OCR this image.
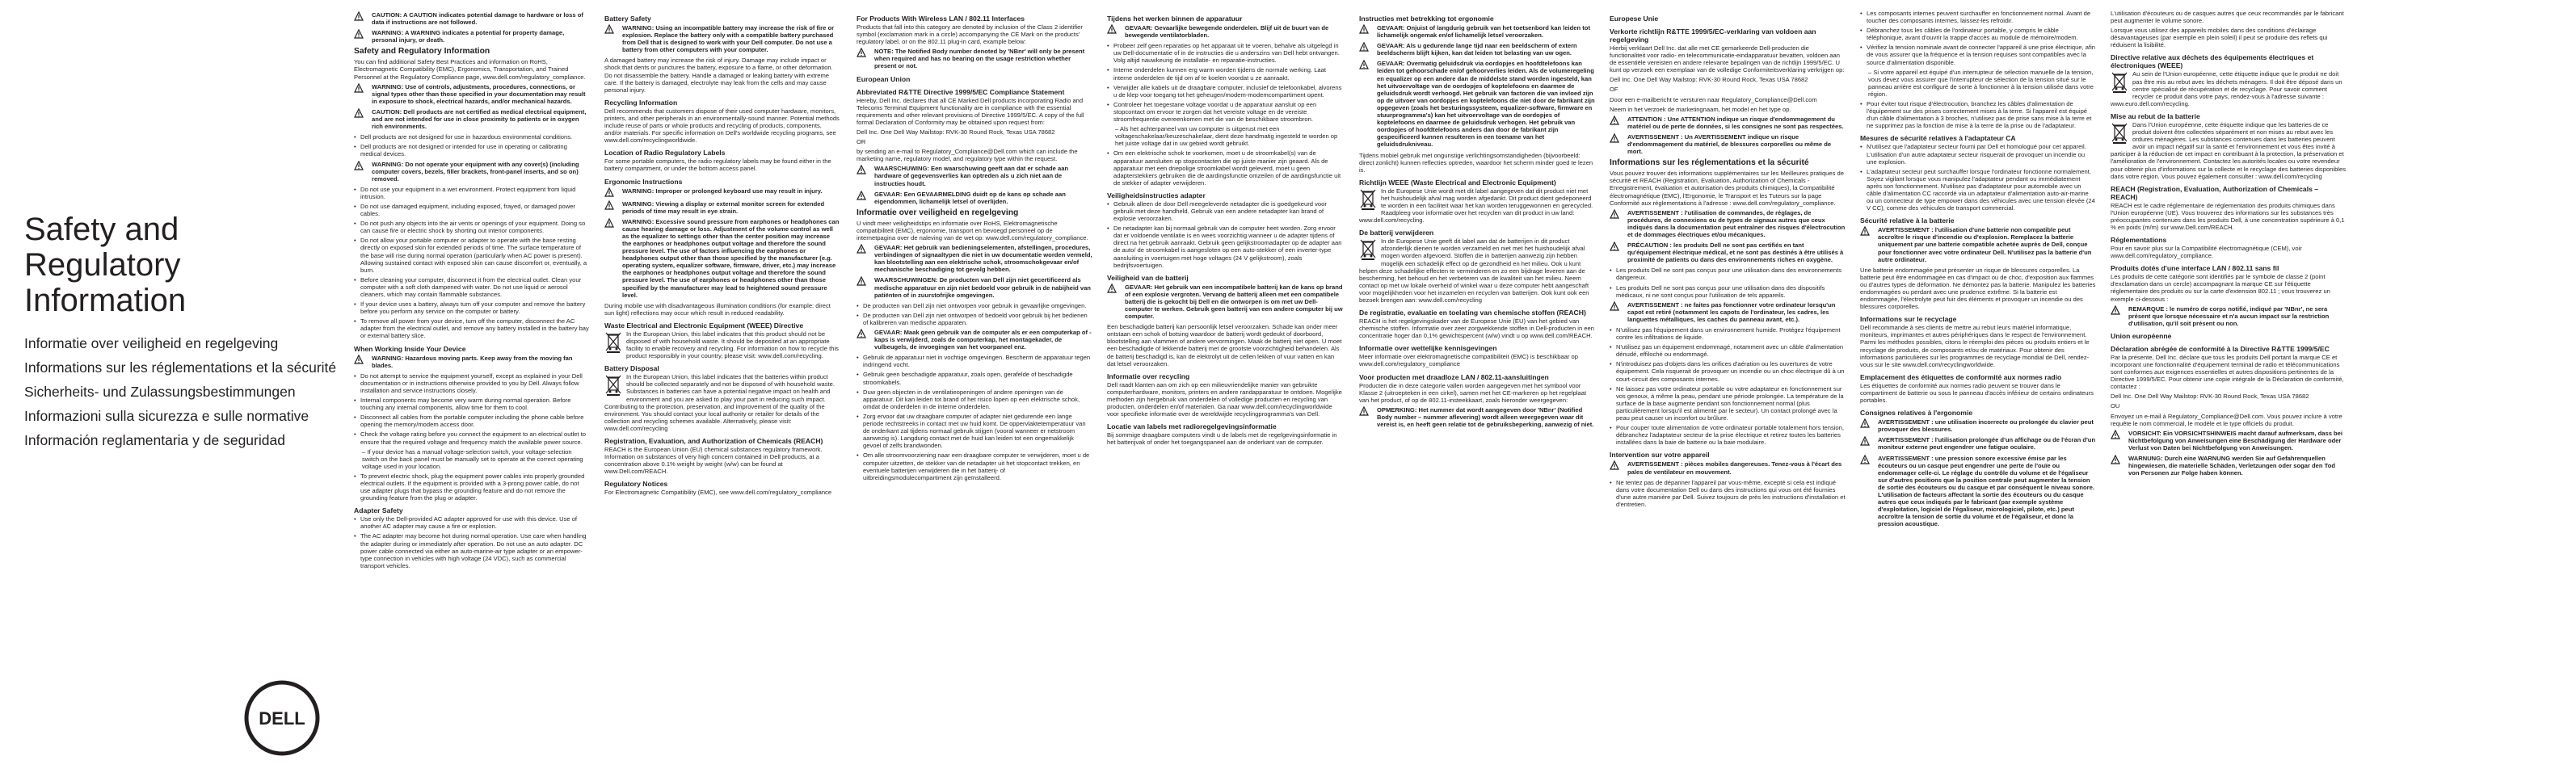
Safety and Regulatory Information
Informatie over veiligheid en regelgeving
Informations sur les réglementations et la sécurité
Sicherheits- und Zulassungsbestimmungen
Informazioni sulla sicurezza e sulle normative
Información reglamentaria y de seguridad
DELL
CAUTION: A CAUTION indicates potential damage to hardware or loss of data if instructions are not followed.
WARNING: A WARNING indicates a potential for property damage, personal injury, or death.
Safety and Regulatory Information

You can find additional Safety Best Practices and information on RoHS, Electromagnetic Compatibility (EMC), Ergonomics, Transportation, and Trained Personnel at the Regulatory Compliance page, www.dell.com/regulatory_compliance.

WARNING: Use of controls, adjustments, procedures, connections, or signal types other than those specified in your documentation may result in exposure to shock, electrical hazards, and/or mechanical hazards.
CAUTION: Dell products are not certified as medical electrical equipment, and are not intended for use in close proximity to patients or in oxygen rich environments.
• Dell products are not designed for use in hazardous environmental conditions.
• Dell products are not designed or intended for use in operating or calibrating medical devices.
WARNING: Do not operate your equipment with any cover(s) (including computer covers, bezels, filler brackets, front-panel inserts, and so on) removed.
• Do not use your equipment in a wet environment. Protect equipment from liquid intrusion.
• Do not use damaged equipment, including exposed, frayed, or damaged power cables.
• Do not push any objects into the air vents or openings of your equipment. Doing so can cause fire or electric shock by shorting out interior components.
• Do not allow your portable computer or adapter to operate with the base resting directly on exposed skin for extended periods of time. The surface temperature of the base will rise during normal operation (particularly when AC power is present). Allowing sustained contact with exposed skin can cause discomfort or, eventually, a burn.
• Before cleaning your computer, disconnect it from the electrical outlet. Clean your computer with a soft cloth dampened with water. Do not use liquid or aerosol cleaners, which may contain flammable substances.
• If your device uses a battery, always turn off your computer and remove the battery before you perform any service on the computer or battery.
• To remove all power from your device, turn off the computer, disconnect the AC adapter from the electrical outlet, and remove any battery installed in the battery bay or external battery slice.
When Working Inside Your Device
WARNING: Hazardous moving parts. Keep away from the moving fan blades.
• Do not attempt to service the equipment yourself, except as explained in your Dell documentation or in instructions otherwise provided to you by Dell. Always follow installation and service instructions closely.
• Internal components may become very warm during normal operation. Before touching any internal components, allow time for them to cool.
• Disconnect all cables from the portable computer including the phone cable before opening the memory/modem access door.
• Check the voltage rating before you connect the equipment to an electrical outlet to ensure that the required voltage and frequency match the available power source.
– If your device has a manual voltage-selection switch, your voltage-selection switch on the back panel must be manually set to operate at the correct operating voltage used in your location.
• To prevent electric shock, plug the equipment power cables into properly grounded electrical outlets. If the equipment is provided with a 3-prong power cable, do not use adapter plugs that bypass the grounding feature and do not remove the grounding feature from the plug or adapter.
Adapter Safety
• Use only the Dell-provided AC adapter approved for use with this device. Use of another AC adapter may cause a fire or explosion.
• The AC adapter may become hot during normal operation. Use care when handling the adapter during or immediately after operation. Do not use an auto adapter. DC power cable connected via either an auto-marine-air type adapter or an empower-type connection in vehicles with high voltage (24 VDC), such as commercial transport vehicles.
Battery Safety
WARNING: Using an incompatible battery may increase the risk of fire or explosion. Replace the battery only with a compatible battery purchased from Dell that is designed to work with your Dell computer. Do not use a battery from other computers with your computer.

A damaged battery may increase the risk of injury. Damage may include impact or shock that dents or punctures the battery, exposure to a flame, or other deformation. Do not disassemble the battery. Handle a damaged or leaking battery with extreme care. If the battery is damaged, electrolyte may leak from the cells and may cause personal injury.

Recycling Information

Dell recommends that customers dispose of their used computer hardware, monitors, printers, and other peripherals in an environmentally-sound manner. Potential methods include reuse of parts or whole products and recycling of products, components, and/or materials. For specific information on Dell's worldwide recycling programs, see www.dell.com/recyclingworldwide.

Location of Radio Regulatory Labels

For some portable computers, the radio regulatory labels may be found either in the battery compartment, or under the bottom access panel.

Ergonomic Instructions
WARNING: Improper or prolonged keyboard use may result in injury.
WARNING: Viewing a display or external monitor screen for extended periods of time may result in eye strain.
WARNING: Excessive sound pressure from earphones or headphones can cause hearing damage or loss. Adjustment of the volume control as well as the equalizer to settings other than the center position may increase the earphones or headphones output voltage and therefore the sound pressure level. The use of factors influencing the earphones or headphones output other than those specified by the manufacturer (e.g. operating system, equalizer software, firmware, driver, etc.) may increase the earphones or headphones output voltage and therefore the sound pressure level. The use of earphones or headphones other than those specified by the manufacturer may lead to heightened sound pressure level.

During mobile use with disadvantageous illumination conditions (for example: direct sun light) reflections may occur which result in reduced readability.

Waste Electrical and Electronic Equipment (WEEE) Directive

In the European Union, this label indicates that this product should not be disposed of with household waste. It should be deposited at an appropriate facility to enable recovery and recycling. For information on how to recycle this product responsibly in your country, please visit: www.dell.com/recycling.

Battery Disposal

In the European Union, this label indicates that the batteries within product should be collected separately and not be disposed of with household waste. Substances in batteries can have a potential negative impact on health and environment and you are asked to play your part in reducing such impact. Contributing to the protection, preservation, and improvement of the quality of the environment. You should contact your local authority or retailer for details of the collection and recycling schemes available. Alternatively, please visit: www.dell.com/recycling

Registration, Evaluation, and Authorization of Chemicals (REACH)

REACH is the European Union (EU) chemical substances regulatory framework. Information on substances of very high concern contained in Dell products, at a concentration above 0.1% weight by weight (w/w) can be found at www.Dell.com/REACH.

Regulatory Notices

For Electromagnetic Compatibility (EMC), see www.dell.com/regulatory_compliance

For Products With Wireless LAN / 802.11 Interfaces

Products that fall into this category are denoted by inclusion of the Class 2 identifier symbol (exclamation mark in a circle) accompanying the CE Mark on the products' regulatory label, or on the 802.11 plug-in card, example below:

NOTE: The Notified Body number denoted by 'NBnr' will only be present when required and has no bearing on the usage restriction whether present or not.
European Union
Abbreviated R&TTE Directive 1999/5/EC Compliance Statement

Hereby, Dell Inc. declares that all CE Marked Dell products incorporating Radio and Telecoms Terminal Equipment functionality are in compliance with the essential requirements and other relevant provisions of Directive 1999/5/EC. A copy of the full formal Declaration of Conformity may be obtained upon request from:

Dell Inc. One Dell Way Mailstop: RVK-30 Round Rock, Texas USA 78682

OR

by sending an e-mail to Regulatory_Compliance@Dell.com which can include the marketing name, regulatory model, and regulatory type within the request.

WAARSCHUWING: Een waarschuwing geeft aan dat er schade aan hardware of gegevensverlies kan optreden als u zich niet aan de instructies houdt.
GEVAAR: Een GEVAARMELDING duidt op de kans op schade aan eigendommen, lichamelijk letsel of overlijden.
Informatie over veiligheid en regelgeving

U vindt meer veiligheidstips en informatie over RoHS, Elektromagnetische compatibiliteit (EMC), ergonomie, transport en bevoegd personeel op de internetpagina over de naleving van de wet op: www.dell.com/regulatory_compliance.

GEVAAR: Het gebruik van bedieningselementen, afstellingen, procedures, verbindingen of signaaltypen die niet in uw documentatie worden vermeld, kan blootstelling aan een elektrische schok, stroomschokgevaar en/of mechanische beschadiging tot gevolg hebben.
WAARSCHUWINGEN: De producten van Dell zijn niet gecertificeerd als medische apparatuur en zijn niet bedoeld voor gebruik in de nabijheid van patiënten of in zuurstofrijke omgevingen.
• De producten van Dell zijn niet ontworpen voor gebruik in gevaarlijke omgevingen.
• De producten van Dell zijn niet ontworpen of bedoeld voor gebruik bij het bedienen of kalibreren van medische apparaten.
GEVAAR: Maak geen gebruik van de computer als er een computerkap of -kaps is verwijderd, zoals de computerkap, het montagekader, de vulbeugels, de invoegingen van het voorpaneel enz.
• Gebruik de apparatuur niet in vochtige omgevingen. Bescherm de apparatuur tegen indringend vocht.
• Gebruik geen beschadigde apparatuur, zoals open, gerafelde of beschadigde stroomkabels.
• Duw geen objecten in de ventilatieopeningen of andere openingen van de apparatuur. Dit kan leiden tot brand of het risico lopen op een elektrische schok, omdat de onderdelen in de interne onderdelen.
• Zorg ervoor dat uw draagbare computer of adapter niet gedurende een lange periode rechtstreeks in contact met uw huid komt. De oppervlaktetemperatuur van de onderkant zal tijdens normaal gebruik stijgen (vooral wanneer er netstroom aanwezig is). Langdurig contact met de huid kan leiden tot een ongemakkelijk gevoel of zelfs brandwonden.
• Om alle stroomvoorziening naar een draagbare computer te verwijderen, moet u de computer uitzetten, de stekker van de netadapter uit het stopcontact trekken, en eventuele batterijen verwijderen die in het batterij- of uitbreidingsmodulecompartiment zijn geïnstalleerd.
Tijdens het werken binnen de apparatuur
GEVAAR: Gevaarlijke bewegende onderdelen. Blijf uit de buurt van de bewegende ventilatorbladen.
• Probeer zelf geen reparaties op het apparaat uit te voeren, behalve als uitgelegd in uw Dell-documentatie of in de instructies die u anderszins van Dell hebt ontvangen. Volg altijd nauwkeurig de installatie- en reparatie-instructies.
• Interne onderdelen kunnen erg warm worden tijdens de normale werking. Laat interne onderdelen de tijd om af te koelen voordat u ze aanraakt.
• Verwijder alle kabels uit de draagbare computer, inclusief de telefoonkabel, alvorens u de klep voor toegang tot het geheugen/modem-modemcompartiment opent.
• Controleer het toegestane voltage voordat u de apparatuur aansluit op een stopcontact om ervoor te zorgen dat het vereiste voltage en de vereiste stroomfrequentie overeenkomen met die van de beschikbare stroombron.
– Als het achterpaneel van uw computer is uitgerust met een voltageschakelaar/keuzeschakelaar, dient deze handmatig ingesteld te worden op het juiste voltage dat in uw gebied wordt gebruikt.
• Om een elektrische schok te voorkomen, moet u de stroomkabel(s) van de apparatuur aansluiten op stopcontacten die op juiste manier zijn geaard. Als de apparatuur met een driepolige stroomkabel wordt geleverd, moet u geen adapterstekkers gebruiken die de aardingsfunctie omzeilen of de aardingsfunctie uit de stekker of adapter verwijderen.
Veiligheidsinstructies adapter
• Gebruik alleen de door Dell meegeleverde netadapter die is goedgekeurd voor gebruik met deze handheld. Gebruik van een andere netadapter kan brand of explosie veroorzaken.
• De netadapter kan bij normaal gebruik van de computer heet worden. Zorg ervoor dat er voldoende ventilatie is en wees voorzichtig wanneer u de adapter tijdens of direct na het gebruik aanraakt. Gebruik geen gelijkstroomadapter op de adapter aan de auto/ de stroomkabel is aangesloten op een auto-stekker of een inverter-type aansluiting in voertuigen met hoge voltages (24 V gelijkstroom), zoals bedrijfsvoertuigen.
Veiligheid van de batterij
GEVAAR: Het gebruik van een incompatibele batterij kan de kans op brand of een explosie vergroten. Vervang de batterij alleen met een compatibele batterij die is gekocht bij Dell en die ontworpen is om met uw Dell-computer te werken. Gebruik geen batterij van een andere computer bij uw computer.

Een beschadigde batterij kan persoonlijk letsel veroorzaken. Schade kan onder meer ontstaan een schok of botsing waardoor de batterij wordt gedeukt of doorboord, blootstelling aan vlammen of andere vervormingen. Maak de batterij niet open. U moet een beschadigde of lekkende batterij met de grootste voorzichtigheid behandelen. Als de batterij beschadigd is, kan de elektrolyt uit de cellen lekken of vuur vatten en kan dat letsel veroorzaken.

Informatie over recycling

Dell raadt klanten aan om zich op een milieuvriendelijke manier van gebruikte computerhardware, monitors, printers en andere randapparatuur te ontdoen. Mogelijke methoden zijn hergebruik van onderdelen of volledige producten en recycling van producten, onderdelen en/of materialen. Ga naar www.dell.com/recyclingworldwide voor specifieke informatie over de wereldwijde recyclingprogramma's van Dell.

Locatie van labels met radioregelgevingsinformatie

Bij sommige draagbare computers vindt u de labels met de regelgevingsinformatie in het batterijvak of onder het toegangspaneel aan de onderkant van de computer.

Instructies met betrekking tot ergonomie
GEVAAR: Onjuist of langdurig gebruik van het toetsenbord kan leiden tot lichamelijk ongemak en/of lichamelijk letsel veroorzaken.
GEVAAR: Als u gedurende lange tijd naar een beeldscherm of extern beeldscherm blijft kijken, kan dat leiden tot belasting van uw ogen.
GEVAAR: Overmatig geluidsdruk via oordopjes en hoofdtelefoons kan leiden tot gehoorschade en/of gehoorverlies leiden. Als de volumeregeling en equalizer op een andere dan de middelste stand worden ingesteld, kan het uitvoervoltage van de oordopjes of koptelefoons en daarmee de geluidsdruk wordt verhoogd. Het gebruik van factoren die van invloed zijn op de uitvoer van oordopjes en koptelefoons die niet door de fabrikant zijn opgegeven (zoals het besturingssysteem, equalizer-software, firmware en stuurprogramma's) kan het uitvoervoltage van de oordopjes of koptelefoons en daarmee de geluidsdruk verhogen. Het gebruik van oordopjes of hoofdtelefoons anders dan door de fabrikant zijn gespecificeerd kunnen resulteren in een toename van het geluidsdrukniveau.

Tijdens mobiel gebruik met ongunstige verlichtingsomstandigheden (bijvoorbeeld: direct zonlicht) kunnen reflecties optreden, waardoor het scherm minder goed te lezen is.

Richtlijn WEEE (Waste Electrical and Electronic Equipment)

In de Europese Unie wordt met dit label aangegeven dat dit product niet met het huishoudelijk afval mag worden afgedankt. Dit product dient gedeponeerd te worden in een faciliteit waar het kan worden teruggewonnen en gerecycled. Raadpleeg voor informatie over het recyclen van dit product in uw land: www.dell.com/recycling.

De batterij verwijderen

In de Europese Unie geeft dit label aan dat de batterijen in dit product afzonderlijk dienen te worden verzameld en niet met het huishoudelijk afval mogen worden afgevoerd. Stoffen die in batterijen aanwezig zijn hebben mogelijk een schadelijk effect op de gezondheid en het milieu. Ook u kunt helpen deze schadelijke effecten te verminderen en zo een bijdrage leveren aan de bescherming, het behoud en het verbeteren van de kwaliteit van het milieu. Neem contact op met uw lokale overheid of winkel waar u deze computer hebt aangeschaft voor mogelijkheden voor het inzamelen en recyclen van batterijen. Ook kunt ook een bezoek brengen aan: www.dell.com/recycling

De registratie, evaluatie en toelating van chemische stoffen (REACH)

REACH is het regelgevingskader van de Europese Unie (EU) van het gebied van chemische stoffen. Informatie over zeer zorgwekkende stoffen in Dell-producten in een concentratie hoger dan 0,1% gewichtspercent (w/w) vindt u op www.dell.com/REACH.

Informatie over wettelijke kennisgevingen

Meer informatie over elektromagnetische compatibiliteit (EMC) is beschikbaar op www.dell.com/regulatory_compliance

Voor producten met draadloze LAN / 802.11-aansluitingen

Producten die in deze categorie vallen worden aangegeven met het symbool voor Klasse 2 (uitroepteken in een cirkel), samen met het CE-markeren op het regelplaat van het product, of op de 802.11-insteekkaart, zoals hieronder weergegeven:

OPMERKING: Het nummer dat wordt aangegeven door 'NBnr' (Notified Body number – nummer aflevering) wordt alleen weergegeven waar dit vereist is, en heeft geen relatie tot de gebruiksbeperking, aanwezig of niet.
Europese Unie
Verkorte richtlijn R&TTE 1999/5/EC-verklaring van voldoen aan regelgeving

Hierbij verklaart Dell Inc. dat alle met CE gemarkeerde Dell-producten die functionaliteit voor radio- en telecommunicatie-eindapparatuur bevatten, voldoen aan de essentiële vereisten en andere relevante bepalingen van de richtlijn 1999/5/EC. U kunt op verzoek een exemplaar van de volledige Conformiteitsverklaring verkrijgen op:

Dell Inc. One Dell Way Mailstop: RVK-30 Round Rock, Texas USA 78682

OF

Door een e-mailbericht te versturen naar Regulatory_Compliance@Dell.com

Neem in het verzoek de marketingnaam, het model en het type op.

ATTENTION : Une ATTENTION indique un risque d'endommagement du matériel ou de perte de données, si les consignes ne sont pas respectées.
AVERTISSEMENT : Un AVERTISSEMENT indique un risque d'endommagement du matériel, de blessures corporelles ou même de mort.
Informations sur les réglementations et la sécurité

Vous pouvez trouver des informations supplémentaires sur les Meilleures pratiques de sécurité et REACH (Registration, Evaluation, Authorization of Chemicals - Enregistrement, évaluation et autorisation des produits chimiques), la Compatibilité électromagnétique (EMC), l'Ergonomie, le Transport et les Tuteurs sur la page Conformité aux réglementations à l'adresse : www.dell.com/regulatory_compliance.

AVERTISSEMENT : l'utilisation de commandes, de réglages, de procédures, de connexions ou de types de signaux autres que ceux indiqués dans la documentation peut entraîner des risques d'électrocution et de dommages électriques et/ou mécaniques.
PRÉCAUTION : les produits Dell ne sont pas certifiés en tant qu'équipement électrique médical, et ne sont pas destinés à être utilisés à proximité de patients ou dans des environnements riches en oxygène.
• Les produits Dell ne sont pas conçus pour une utilisation dans des environnements dangereux.
• Les produits Dell ne sont pas conçus pour une utilisation dans des dispositifs médicaux, ni ne sont conçus pour l'utilisation de tels appareils.
AVERTISSEMENT : ne faites pas fonctionner votre ordinateur lorsqu'un capot est retiré (notamment les capots de l'ordinateur, les cadres, les languettes métalliques, les caches du panneau avant, etc.).
• N'utilisez pas l'équipement dans un environnement humide. Protégez l'équipement contre les infiltrations de liquide.
• N'utilisez pas un équipement endommagé, notamment avec un câble d'alimentation dénudé, effiloché ou endommagé.
• N'introduisez pas d'objets dans les orifices d'aération ou les ouvertures de votre équipement. Cela risquerait de provoquer un incendie ou un choc électrique dû à un court-circuit des composants internes.
• Ne laissez pas votre ordinateur portable ou votre adaptateur en fonctionnement sur vos genoux, à même la peau, pendant une période prolongée. La température de la surface de la base augmente pendant son fonctionnement normal (plus particulièrement lorsqu'il est alimenté par le secteur). Un contact prolongé avec la peau peut causer un inconfort ou brûlure.
• Pour couper toute alimentation de votre ordinateur portable totalement hors tension, débranchez l'adaptateur secteur de la prise électrique et retirez toutes les batteries installées dans la baie de batterie ou la baie modulaire.
Intervention sur votre appareil
AVERTISSEMENT : pièces mobiles dangereuses. Tenez-vous à l'écart des pales de ventilateur en mouvement.
• Ne tentez pas de dépanner l'appareil par vous-même, excepté si cela est indiqué dans votre documentation Dell ou dans des instructions qui vous ont été fournies d'une autre manière par Dell. Suivez toujours de près les instructions d'installation et d'entretien.
• Les composants internes peuvent surchauffer en fonctionnement normal. Avant de toucher des composants internes, laissez-les refroidir.
• Débranchez tous les câbles de l'ordinateur portable, y compris le câble téléphonique, avant d'ouvrir la trappe d'accès au module de mémoire/modem.
• Vérifiez la tension nominale avant de connecter l'appareil à une prise électrique, afin de vous assurer que la fréquence et la tension requises sont compatibles avec la source d'alimentation disponible.
– Si votre appareil est équipé d'un interrupteur de sélection manuelle de la tension, vous devez vous assurer que l'interrupteur de sélection de la tension situé sur le panneau arrière est configuré de sorte à fonctionner à la tension utilisée dans votre région.
• Pour éviter tout risque d'électrocution, branchez les câbles d'alimentation de l'équipement sur des prises correctement mises à la terre. Si l'appareil est équipé d'un câble d'alimentation à 3 broches, n'utilisez pas de prise sans mise à la terre et ne supprimez pas la fonction de mise à la terre de la prise ou de l'adaptateur.
Mesures de sécurité relatives à l'adaptateur CA
• N'utilisez que l'adaptateur secteur fourni par Dell et homologué pour cet appareil. L'utilisation d'un autre adaptateur secteur risquerait de provoquer un incendie ou une explosion.
• L'adaptateur secteur peut surchauffer lorsque l'ordinateur fonctionne normalement. Soyez vigilant lorsque vous manipulez l'adaptateur pendant ou immédiatement après son fonctionnement. N'utilisez pas d'adaptateur pour automobile avec un câble d'alimentation CC raccordé via un adaptateur d'alimentation auto-air-marine ou un connecteur de type empower dans des véhicules avec une tension élevée (24 V CC), comme des véhicules de transport commercial.
Sécurité relative à la batterie
AVERTISSEMENT : l'utilisation d'une batterie non compatible peut accroître le risque d'incendie ou d'explosion. Remplacez la batterie uniquement par une batterie compatible achetée auprès de Dell, conçue pour fonctionner avec votre ordinateur Dell. N'utilisez pas la batterie d'un autre ordinateur.

Une batterie endommagée peut présenter un risque de blessures corporelles. La batterie peut être endommagée en cas d'impact ou de choc, d'exposition aux flammes ou d'autres types de déformation. Ne démontez pas la batterie. Manipulez les batteries endommagées ou perdant avec une prudence extrême. Si la batterie est endommagée, l'électrolyte peut fuir des éléments et provoquer un incendie ou des blessures corporelles.

Informations sur le recyclage

Dell recommande à ses clients de mettre au rebut leurs matériel informatique, moniteurs, imprimantes et autres périphériques dans le respect de l'environnement. Parmi les méthodes possibles, citons le réemploi des pièces ou produits entiers et le recyclage de produits, de composants et/ou de matériaux. Pour obtenir des informations particulières sur les programmes de recyclage mondial de Dell, rendez-vous sur le site www.dell.com/recyclingworldwide.

Emplacement des étiquettes de conformité aux normes radio

Les étiquettes de conformité aux normes radio peuvent se trouver dans le compartiment de batterie ou sous le panneau d'accès inférieur de certains ordinateurs portables.

Consignes relatives à l'ergonomie
AVERTISSEMENT : une utilisation incorrecte ou prolongée du clavier peut provoquer des blessures.
AVERTISSEMENT : l'utilisation prolongée d'un affichage ou de l'écran d'un moniteur externe peut engendrer une fatigue oculaire.
AVERTISSEMENT : une pression sonore excessive émise par les écouteurs ou un casque peut engendrer une perte de l'ouïe ou endommager celle-ci. Le réglage du contrôle du volume et de l'égaliseur sur d'autres positions que la position centrale peut augmenter la tension de sortie des écouteurs ou du casque et par conséquent le niveau sonore. L'utilisation de facteurs affectant la sortie des écouteurs ou du casque autres que ceux indiqués par le fabricant (par exemple système d'exploitation, logiciel de l'égaliseur, micrologiciel, pilote, etc.) peut accroître la tension de sortie du volume et de l'égaliseur, et donc la pression acoustique.

L'utilisation d'écouteurs ou de casques autres que ceux recommandés par le fabricant peut augmenter le volume sonore.

Lorsque vous utilisez des appareils mobiles dans des conditions d'éclairage désavantageuses (par exemple en plein soleil) il peut se produire des reflets qui réduisent la lisibilité.

Directive relative aux déchets des équipements électriques et électroniques (WEEE)

Au sein de l'Union européenne, cette étiquette indique que le produit ne doit pas être mis au rebut avec les déchets ménagers. Il doit être déposé dans un centre spécialisé de récupération et de recyclage. Pour savoir comment recycler ce produit dans votre pays, rendez-vous à l'adresse suivante : www.euro.dell.com/recycling.

Mise au rebut de la batterie

Dans l'Union européenne, cette étiquette indique que les batteries de ce produit doivent être collectées séparément et non mises au rebut avec les ordures ménagères. Les substances contenues dans les batteries peuvent avoir un impact négatif sur la santé et l'environnement et vous êtes invité à participer à la réduction de cet impact en contribuant à la protection, la préservation et l'amélioration de l'environnement. Contactez les autorités locales ou votre revendeur pour obtenir plus d'informations sur la collecte et le recyclage des batteries disponibles dans votre région. Vous pouvez également consulter : www.dell.com/recycling

REACH (Registration, Evaluation, Authorization of Chemicals – REACH)

REACH est le cadre réglementaire de réglementation des produits chimiques dans l'Union européenne (UE). Vous trouverez des informations sur les substances très préoccupantes contenues dans les produits Dell, à une concentration supérieure à 0,1 % en poids (m/m) sur www.Dell.com/REACH.

Réglementations

Pour en savoir plus sur la Compatibilité électromagnétique (CEM), voir www.dell.com/regulatory_compliance.

Produits dotés d'une interface LAN / 802.11 sans fil

Les produits de cette catégorie sont identifiés par le symbole de classe 2 (point d'exclamation dans un cercle) accompagnant la marque CE sur l'étiquette réglementaire des produits ou sur la carte d'extension 802.11 ; vous trouverez un exemple ci-dessous :

REMARQUE : le numéro de corps notifié, indiqué par 'NBnr', ne sera présent que lorsque nécessaire et n'a aucun impact sur la restriction d'utilisation, qu'il soit présent ou non.
Union européenne
Déclaration abrégée de conformité à la Directive R&TTE 1999/5/EC

Par la présente, Dell Inc. déclare que tous les produits Dell portant la marque CE et incorporant une fonctionnalité d'équipement terminal de radio et télécommunications sont conformes aux exigences essentielles et autres dispositions pertinentes de la Directive 1999/5/EC. Pour obtenir une copie intégrale de la Déclaration de conformité, contactez :

Dell Inc. One Dell Way Mailstop: RVK-30 Round Rock, Texas USA 78682

OU

Envoyez un e-mail à Regulatory_Compliance@Dell.com. Vous pouvez inclure à votre requête le nom commercial, le modèle et le type officiels du produit.

VORSICHT: Ein VORSICHTSHINWEIS macht darauf aufmerksam, dass bei Nichtbefolgung von Anweisungen eine Beschädigung der Hardware oder Verlust von Daten bei Nichtbefolgung von Anweisungen.
WARNUNG: Durch eine WARNUNG werden Sie auf Gefahrenquellen hingewiesen, die materielle Schäden, Verletzungen oder sogar den Tod von Personen zur Folge haben können.
